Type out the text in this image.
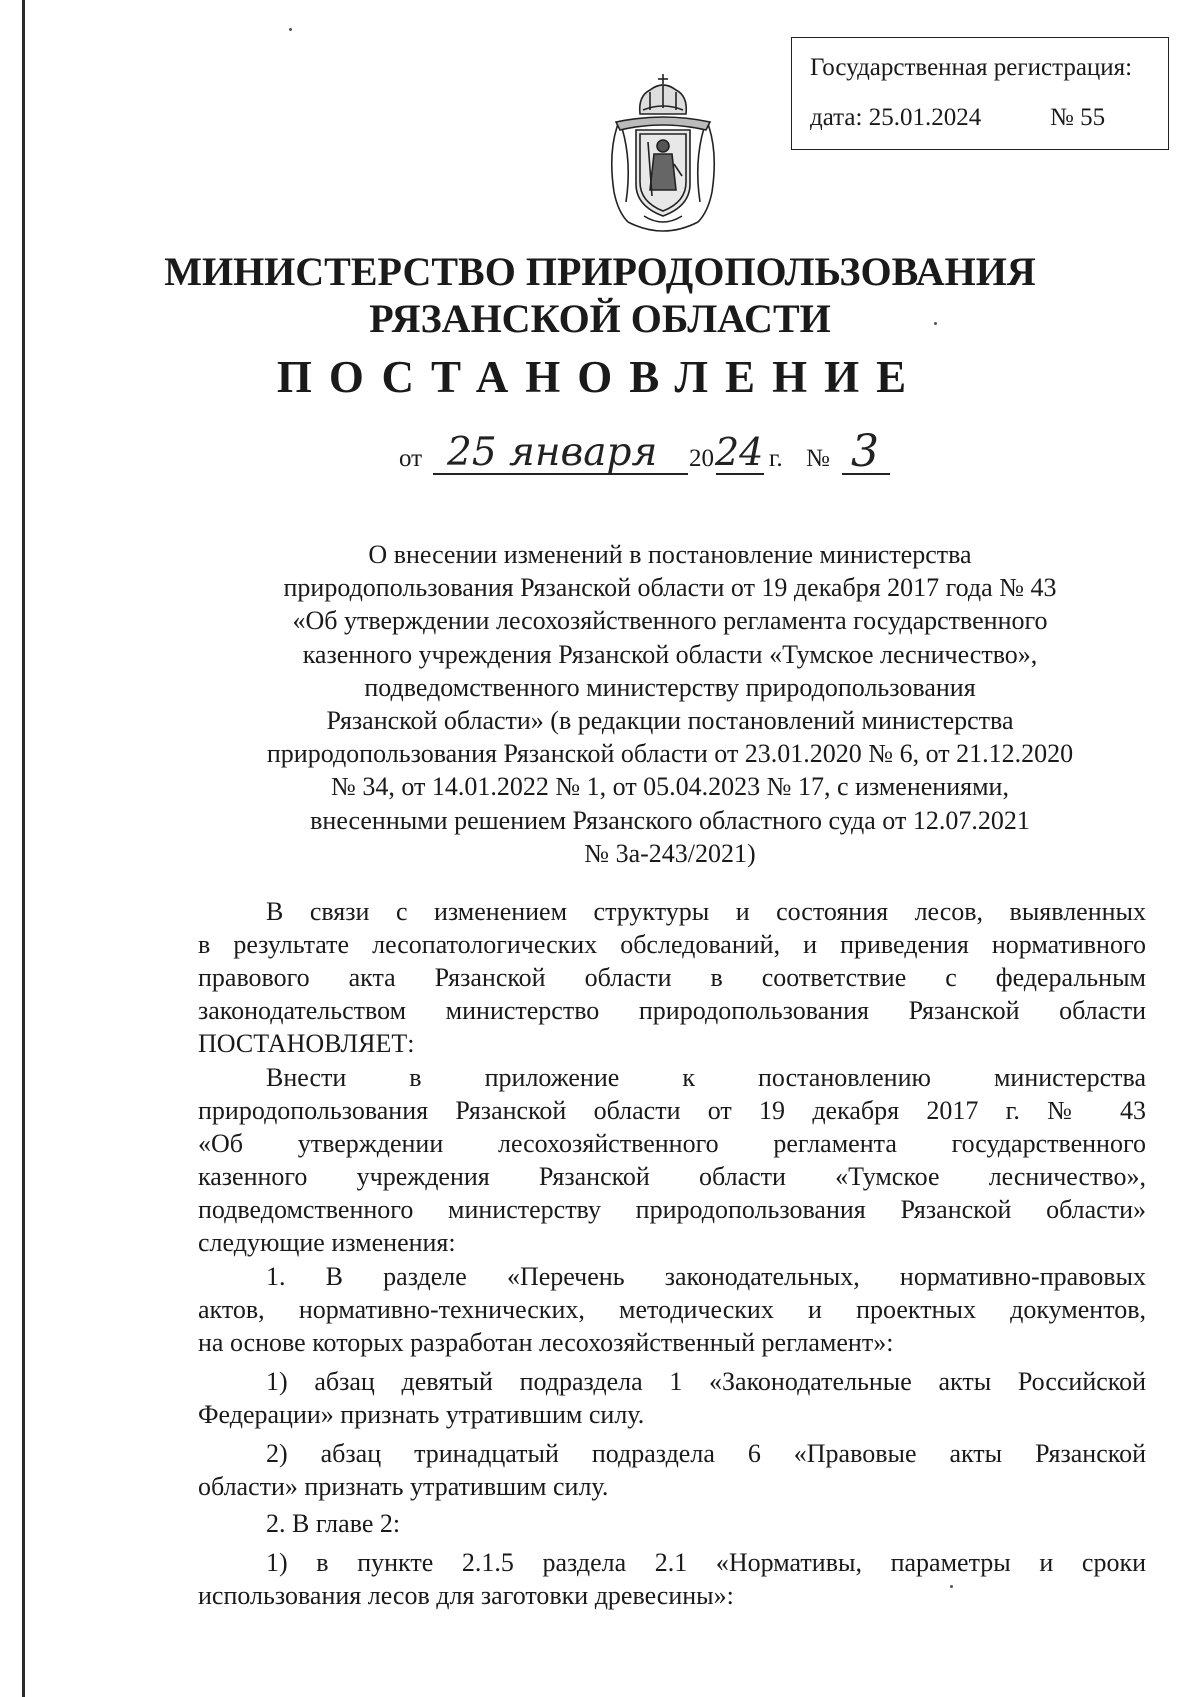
Государственная регистрация:
дата: 25.01.2024	№ 55
МИНИСТЕРСТВО ПРИРОДОПОЛЬЗОВАНИЯ
РЯЗАНСКОЙ ОБЛАСТИ
ПОСТАНОВЛЕНИЕ
от 25 января 20 24 г. № 3
О внесении изменений в постановление министерства
природопользования Рязанской области от 19 декабря 2017 года № 43
«Об утверждении лесохозяйственного регламента государственного
казенного учреждения Рязанской области «Тумское лесничество»,
подведомственного министерству природопользования
Рязанской области» (в редакции постановлений министерства
природопользования Рязанской области от 23.01.2020 № 6, от 21.12.2020
№ 34, от 14.01.2022 № 1, от 05.04.2023 № 17, с изменениями,
внесенными решением Рязанского областного суда от 12.07.2021
№ 3а-243/2021)
В связи с изменением структуры и состояния лесов, выявленных
в результате лесопатологических обследований, и приведения нормативного
правового акта Рязанской области в соответствие с федеральным
законодательством министерство природопользования Рязанской области
ПОСТАНОВЛЯЕТ:
Внести в приложение к постановлению министерства
природопользования Рязанской области от 19 декабря 2017 г. № 43
«Об утверждении лесохозяйственного регламента государственного
казенного учреждения Рязанской области «Тумское лесничество»,
подведомственного министерству природопользования Рязанской области»
следующие изменения:
1. В разделе «Перечень законодательных, нормативно-правовых
актов, нормативно-технических, методических и проектных документов,
на основе которых разработан лесохозяйственный регламент»:
1) абзац девятый подраздела 1 «Законодательные акты Российской
Федерации» признать утратившим силу.
2) абзац тринадцатый подраздела 6 «Правовые акты Рязанской
области» признать утратившим силу.
2. В главе 2:
1) в пункте 2.1.5 раздела 2.1 «Нормативы, параметры и сроки
использования лесов для заготовки древесины»:
